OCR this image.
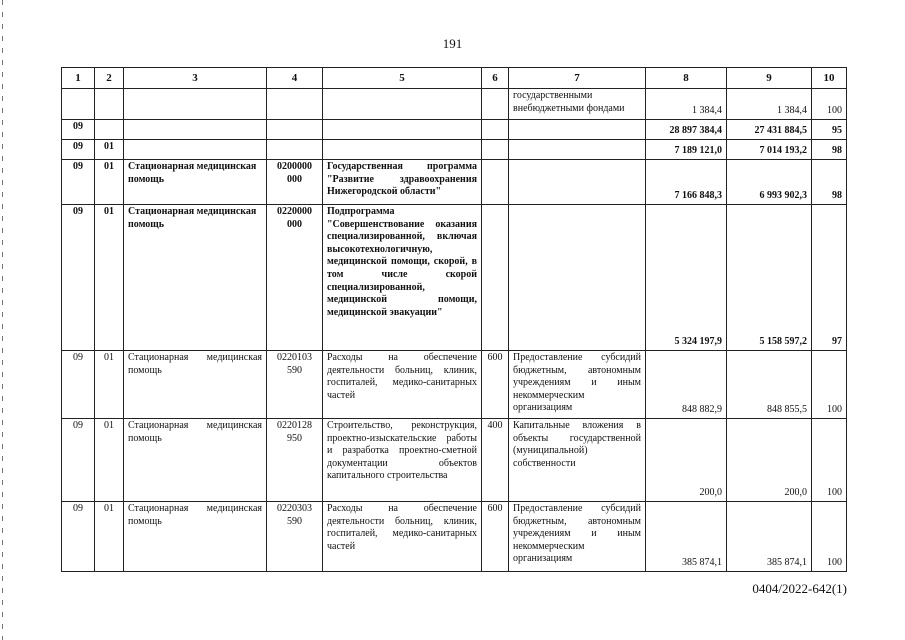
191
1	2	3	4	5	6	7	8	9	10
						государственными внебюджетными фондами	1 384,4	1 384,4	100
09							28 897 384,4	27 431 884,5	95
09	01						7 189 121,0	7 014 193,2	98
09	01	Стационарная медицинская помощь	0200000 000	Государственная программа "Развитие здравоохранения Нижегородской области"			7 166 848,3	6 993 902,3	98
09	01	Стационарная медицинская помощь	0220000 000	Подпрограмма "Совершенствование оказания специализированной, включая высокотехнологичную, медицинской помощи, скорой, в том числе скорой специализированной, медицинской помощи, медицинской эвакуации"			5 324 197,9	5 158 597,2	97
09	01	Стационарная медицинская помощь	0220103 590	Расходы на обеспечение деятельности больниц, клиник, госпиталей, медико-санитарных частей	600	Предоставление субсидий бюджетным, автономным учреждениям и иным некоммерческим организациям	848 882,9	848 855,5	100
09	01	Стационарная медицинская помощь	0220128 950	Строительство, реконструкция, проектно-изыскательские работы и разработка проектно-сметной документации объектов капитального строительства	400	Капитальные вложения в объекты государственной (муниципальной) собственности	200,0	200,0	100
09	01	Стационарная медицинская помощь	0220303 590	Расходы на обеспечение деятельности больниц, клиник, госпиталей, медико-санитарных частей	600	Предоставление субсидий бюджетным, автономным учреждениям и иным некоммерческим организациям	385 874,1	385 874,1	100
0404/2022-642(1)
